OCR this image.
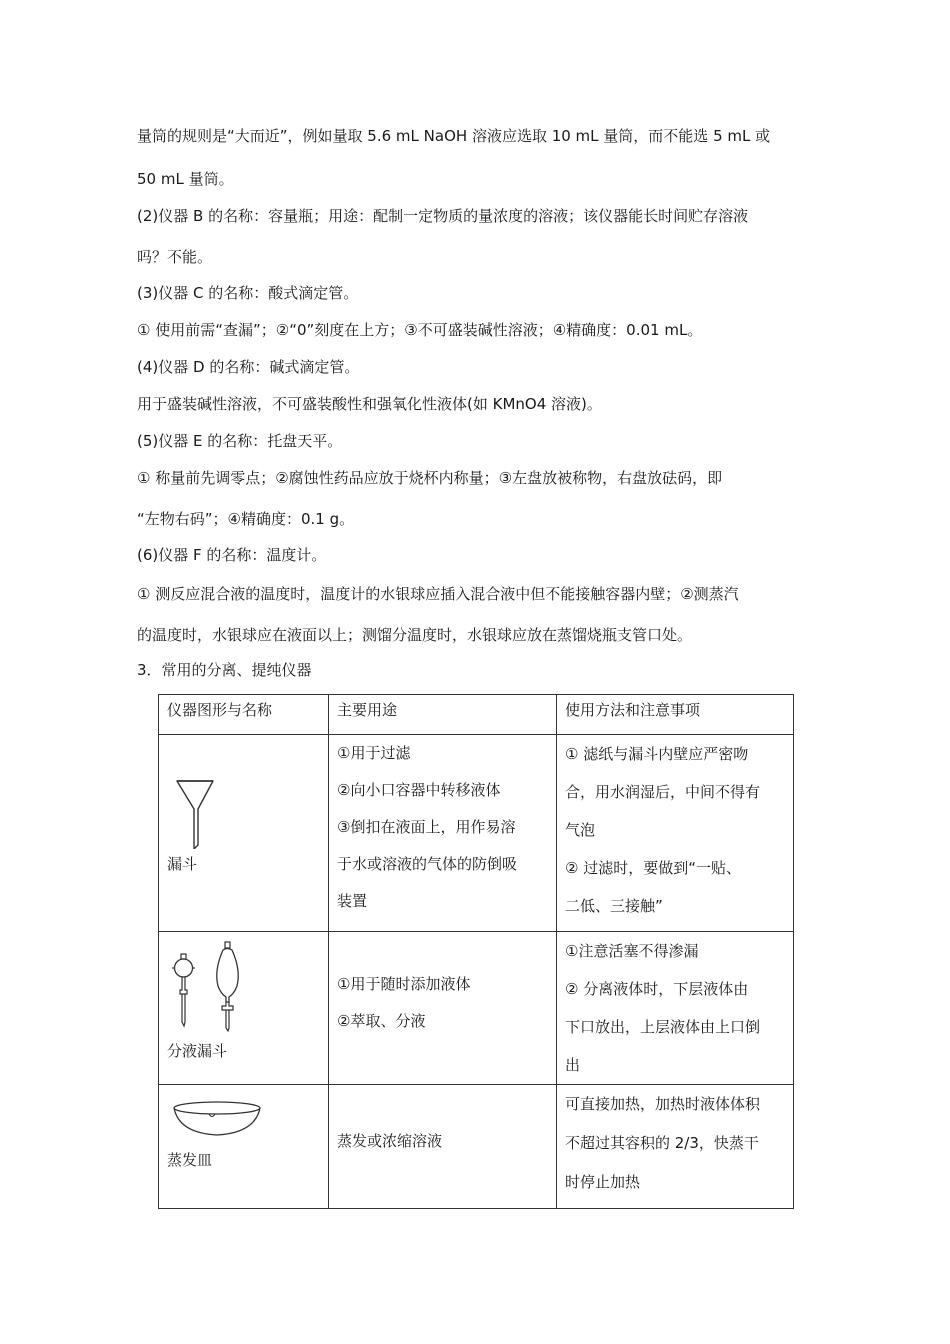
量筒的规则是“大而近”，例如量取 5.6 mL NaOH 溶液应选取 10 mL 量筒，而不能选 5 mL 或
50 mL 量筒。
(2)仪器 B 的名称：容量瓶；用途：配制一定物质的量浓度的溶液；该仪器能长时间贮存溶液
吗？不能。
(3)仪器 C 的名称：酸式滴定管。
① 使用前需“查漏”；②“0”刻度在上方；③不可盛装碱性溶液；④精确度：0.01 mL。
(4)仪器 D 的名称：碱式滴定管。
用于盛装碱性溶液，不可盛装酸性和强氧化性液体(如 KMnO4 溶液)。
(5)仪器 E 的名称：托盘天平。
① 称量前先调零点；②腐蚀性药品应放于烧杯内称量；③左盘放被称物，右盘放砝码，即
“左物右码”；④精确度：0.1 g。
(6)仪器 F 的名称：温度计。
① 测反应混合液的温度时，温度计的水银球应插入混合液中但不能接触容器内壁；②测蒸汽
的温度时，水银球应在液面以上；测馏分温度时，水银球应放在蒸馏烧瓶支管口处。
3．常用的分离、提纯仪器
仪器图形与名称	主要用途	使用方法和注意事项

漏斗	①用于过滤
②向小口容器中转移液体
③倒扣在液面上，用作易溶
于水或溶液的气体的防倒吸
装置	① 滤纸与漏斗内壁应严密吻
合，用水润湿后，中间不得有
气泡
② 过滤时，要做到“一贴、
二低、三接触”

分液漏斗	①用于随时添加液体
②萃取、分液	①注意活塞不得渗漏
② 分离液体时，下层液体由
下口放出，上层液体由上口倒
出

蒸发皿	蒸发或浓缩溶液	可直接加热，加热时液体体积
不超过其容积的 2/3，快蒸干
时停止加热
